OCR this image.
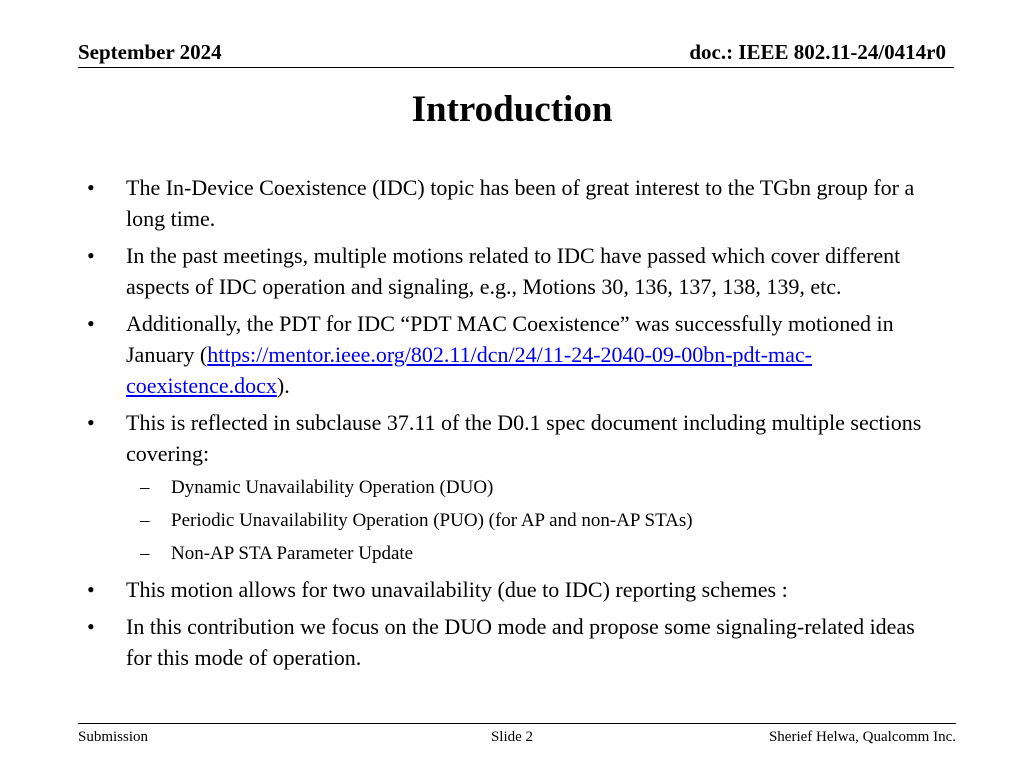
September 2024	doc.: IEEE 802.11-24/0414r0
Introduction
• The In-Device Coexistence (IDC) topic has been of great interest to the TGbn group for a long time.
• In the past meetings, multiple motions related to IDC have passed which cover different aspects of IDC operation and signaling, e.g., Motions 30, 136, 137, 138, 139, etc.
• Additionally, the PDT for IDC “PDT MAC Coexistence” was successfully motioned in January (https://mentor.ieee.org/802.11/dcn/24/11-24-2040-09-00bn-pdt-mac-coexistence.docx).
• This is reflected in subclause 37.11 of the D0.1 spec document including multiple sections covering:
– Dynamic Unavailability Operation (DUO)
– Periodic Unavailability Operation (PUO) (for AP and non-AP STAs)
– Non-AP STA Parameter Update
• This motion allows for two unavailability (due to IDC) reporting schemes :
• In this contribution we focus on the DUO mode and propose some signaling-related ideas for this mode of operation.
Submission	Slide 2	Sherief Helwa, Qualcomm Inc.
